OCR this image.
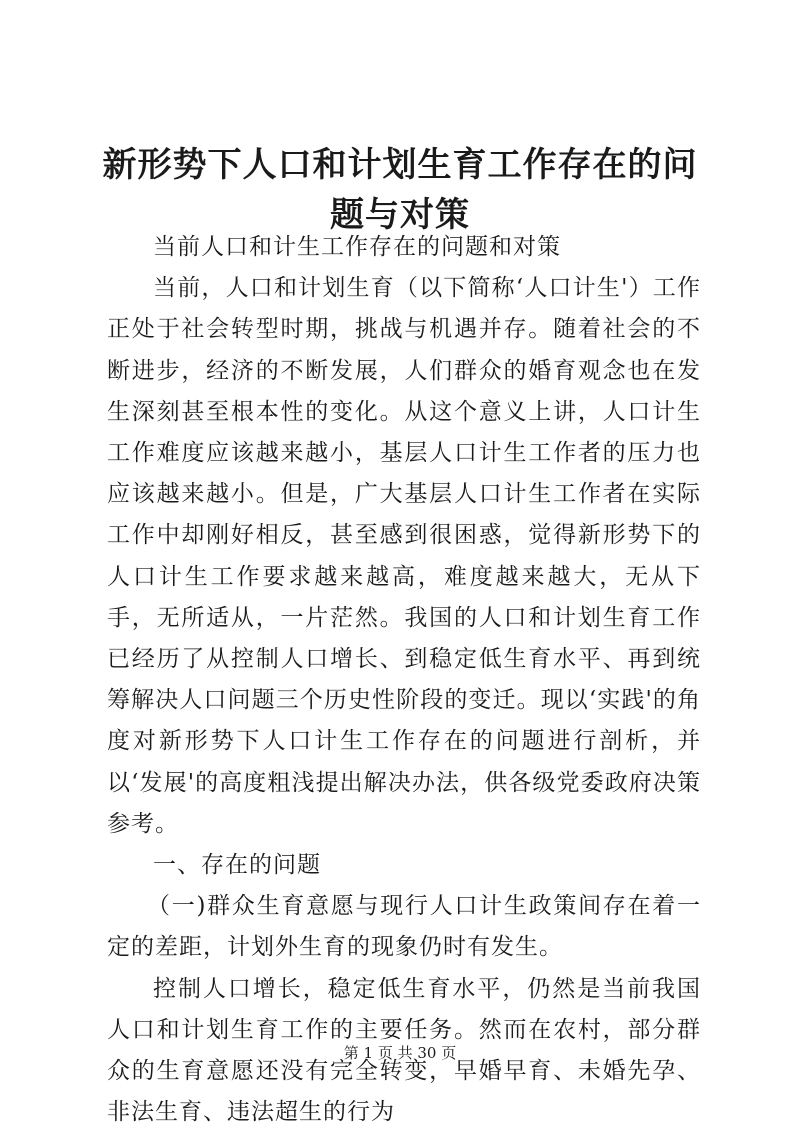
新形势下人口和计划生育工作存在的问题与对策

当前人口和计生工作存在的问题和对策

当前，人口和计划生育（以下简称‘人口计生'）工作正处于社会转型时期，挑战与机遇并存。随着社会的不断进步，经济的不断发展，人们群众的婚育观念也在发生深刻甚至根本性的变化。从这个意义上讲，人口计生工作难度应该越来越小，基层人口计生工作者的压力也应该越来越小。但是，广大基层人口计生工作者在实际工作中却刚好相反，甚至感到很困惑，觉得新形势下的人口计生工作要求越来越高，难度越来越大，无从下手，无所适从，一片茫然。我国的人口和计划生育工作已经历了从控制人口增长、到稳定低生育水平、再到统筹解决人口问题三个历史性阶段的变迁。现以‘实践'的角度对新形势下人口计生工作存在的问题进行剖析，并以‘发展'的高度粗浅提出解决办法，供各级党委政府决策参考。

一、存在的问题

（一)群众生育意愿与现行人口计生政策间存在着一定的差距，计划外生育的现象仍时有发生。

控制人口增长，稳定低生育水平，仍然是当前我国人口和计划生育工作的主要任务。然而在农村，部分群众的生育意愿还没有完全转变，早婚早育、未婚先孕、非法生育、违法超生的行为

第 1 页 共 30 页
